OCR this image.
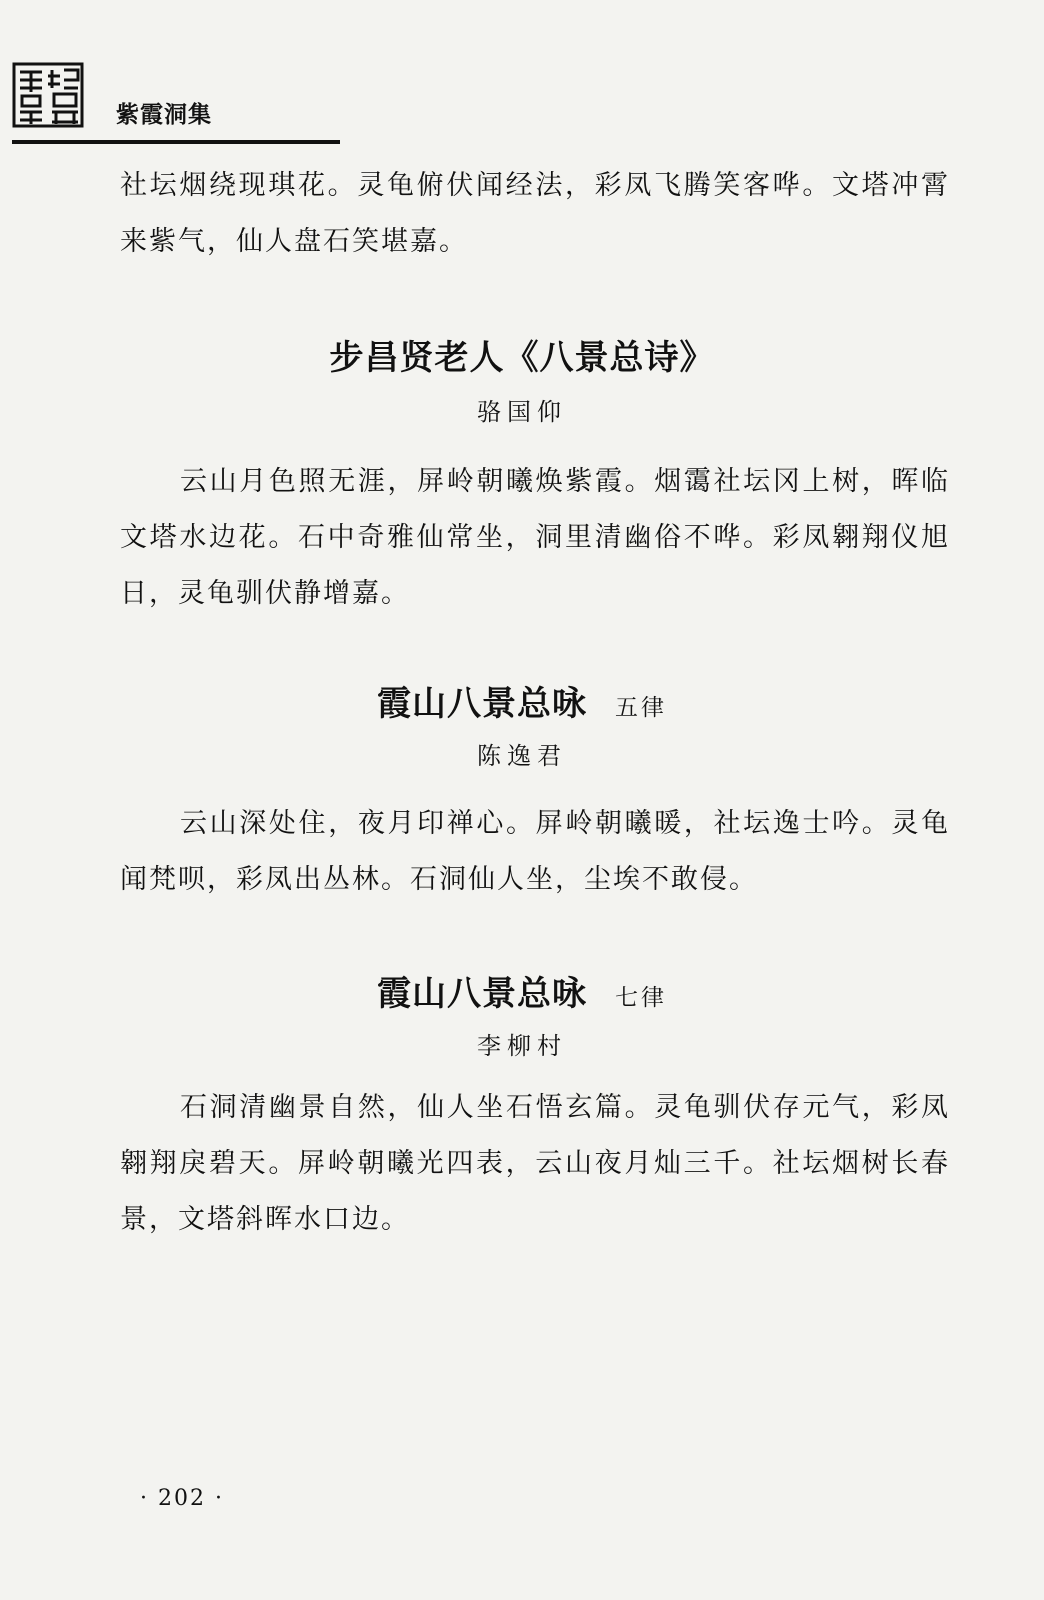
紫霞洞集

社坛烟绕现琪花。灵龟俯伏闻经法，彩凤飞腾笑客哗。文塔冲霄来紫气，仙人盘石笑堪嘉。

步昌贤老人《八景总诗》
骆国仰

云山月色照无涯，屏岭朝曦焕紫霞。烟霭社坛冈上树，晖临文塔水边花。石中奇雅仙常坐，洞里清幽俗不哗。彩凤翱翔仪旭日，灵龟驯伏静增嘉。

霞山八景总咏 五律
陈逸君

云山深处住，夜月印禅心。屏岭朝曦暖，社坛逸士吟。灵龟闻梵呗，彩凤出丛林。石洞仙人坐，尘埃不敢侵。

霞山八景总咏 七律
李柳村

石洞清幽景自然，仙人坐石悟玄篇。灵龟驯伏存元气，彩凤翱翔戾碧天。屏岭朝曦光四表，云山夜月灿三千。社坛烟树长春景，文塔斜晖水口边。

· 202 ·
